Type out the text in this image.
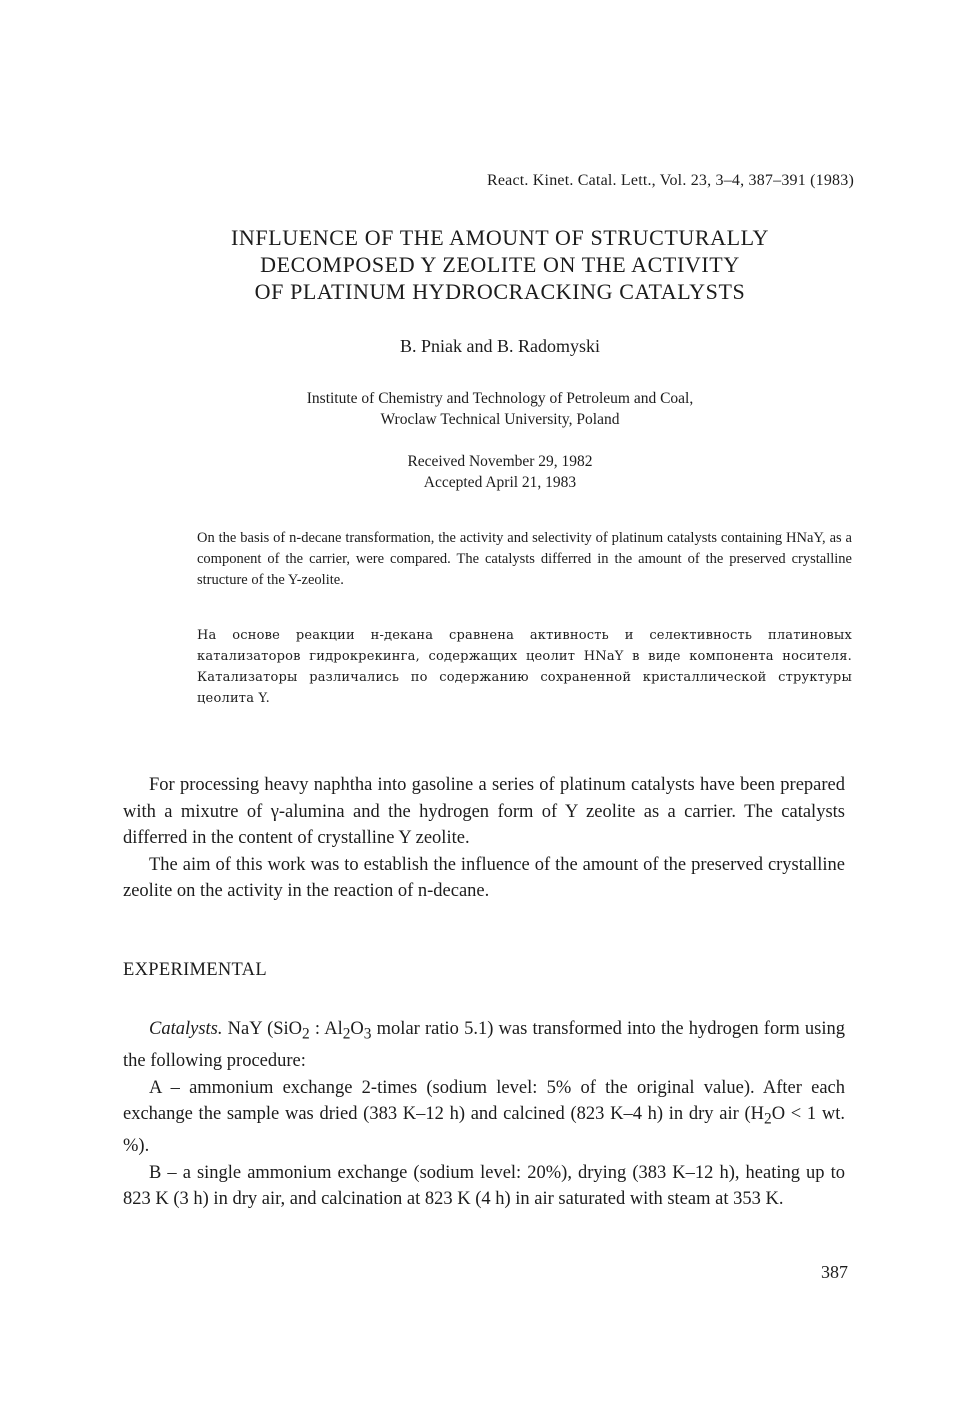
React. Kinet. Catal. Lett., Vol. 23, 3–4, 387–391 (1983)
INFLUENCE OF THE AMOUNT OF STRUCTURALLY
DECOMPOSED Y ZEOLITE ON THE ACTIVITY
OF PLATINUM HYDROCRACKING CATALYSTS
B. Pniak and B. Radomyski
Institute of Chemistry and Technology of Petroleum and Coal,
Wroclaw Technical University, Poland
Received November 29, 1982
Accepted April 21, 1983
On the basis of n-decane transformation, the activity and selectivity of platinum catalysts containing HNaY, as a component of the carrier, were compared. The catalysts differred in the amount of the preserved crystalline structure of the Y-zeolite.
На основе реакции н-декана сравнена активность и селективность платиновых катализаторов гидрокрекинга, содержащих цеолит HNaY в виде компонента носителя. Катализаторы различались по содержанию сохраненной кристаллической структуры цеолита Y.

For processing heavy naphtha into gasoline a series of platinum catalysts have been prepared with a mixutre of γ-alumina and the hydrogen form of Y zeolite as a carrier. The catalysts differred in the content of crystalline Y zeolite.

The aim of this work was to establish the influence of the amount of the preserved crystalline zeolite on the activity in the reaction of n-decane.

EXPERIMENTAL

Catalysts. NaY (SiO$_2$ : $Al_2O_3$ molar ratio 5.1) was transformed into the hydrogen form using the following procedure:

A – ammonium exchange 2-times (sodium level: 5% of the original value). After each exchange the sample was dried (383 K–12 h) and calcined (823 K–4 h) in dry air ($H_2O < 1$ wt. %).

B – a single ammonium exchange (sodium level: 20%), drying (383 K–12 h), heating up to 823 K (3 h) in dry air, and calcination at 823 K (4 h) in air saturated with steam at 353 K.

387
